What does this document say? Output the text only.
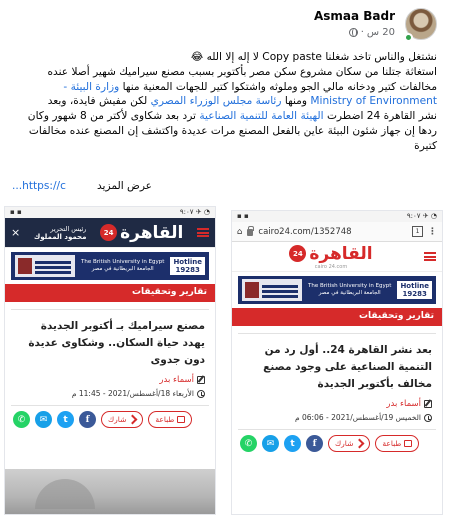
Asmaa Badr
20 س
·

نشتغل والناس تاخد شغلنا Copy paste لا إله إلا الله 😂

استغاثة جتلنا من سكان مشروع سكن مصر بأكتوبر بسبب مصنع سيراميك شهير أصلا عنده

مخالفات كتير ودخانه مالي الجو وملوثه واشتكوا كتير للجهات المعنية منها وزارة البيئة -

Ministry of Environment ومنها رئاسة مجلس الوزراء المصري لكن مفيش فايدة، وبعد

نشر القاهرة 24 اضطرت الهيئة العامة للتنمية الصناعية ترد بعد شكاوى لأكتر من 8 شهور وكان

ردها إن جهاز شئون البيئة عاين بالفعل المصنع مرات عديدة واكتشف إن المصنع عنده مخالفات

كتيرة

عرض المزيد
https://c...
▪ ▪	٩:٠٧ ✈ ◔
×	رئيس التحرير
محمود المملوك القاهرة
24
The British University in Egypt
الجامعة البريطانية في مصر
Hotline
19283
تقارير وتحقيقات
مصنع سيراميك بـ أكتوبر الجديدة يهدد حياة السكان.. وشكاوى عديدة دون جدوى
أسماء بدر
الأربعاء 18/أغسطس/2021 - 11:45 م
✆	✉	t	f	شارك	طباعة
▪ ▪	٩:٠٧ ✈ ◔
⌂ cairo24.com/1352748	1 ⋮
القاهرة
24
cairo 24.com
The British University in Egypt
الجامعة البريطانية في مصر
Hotline
19283
تقارير وتحقيقات
بعد نشر القاهرة 24.. أول رد من التنمية الصناعية على وجود مصنع مخالف بأكتوبر الجديدة
أسماء بدر
الخميس 19/أغسطس/2021 - 06:06 م
✆	✉	t	f	شارك	طباعة
